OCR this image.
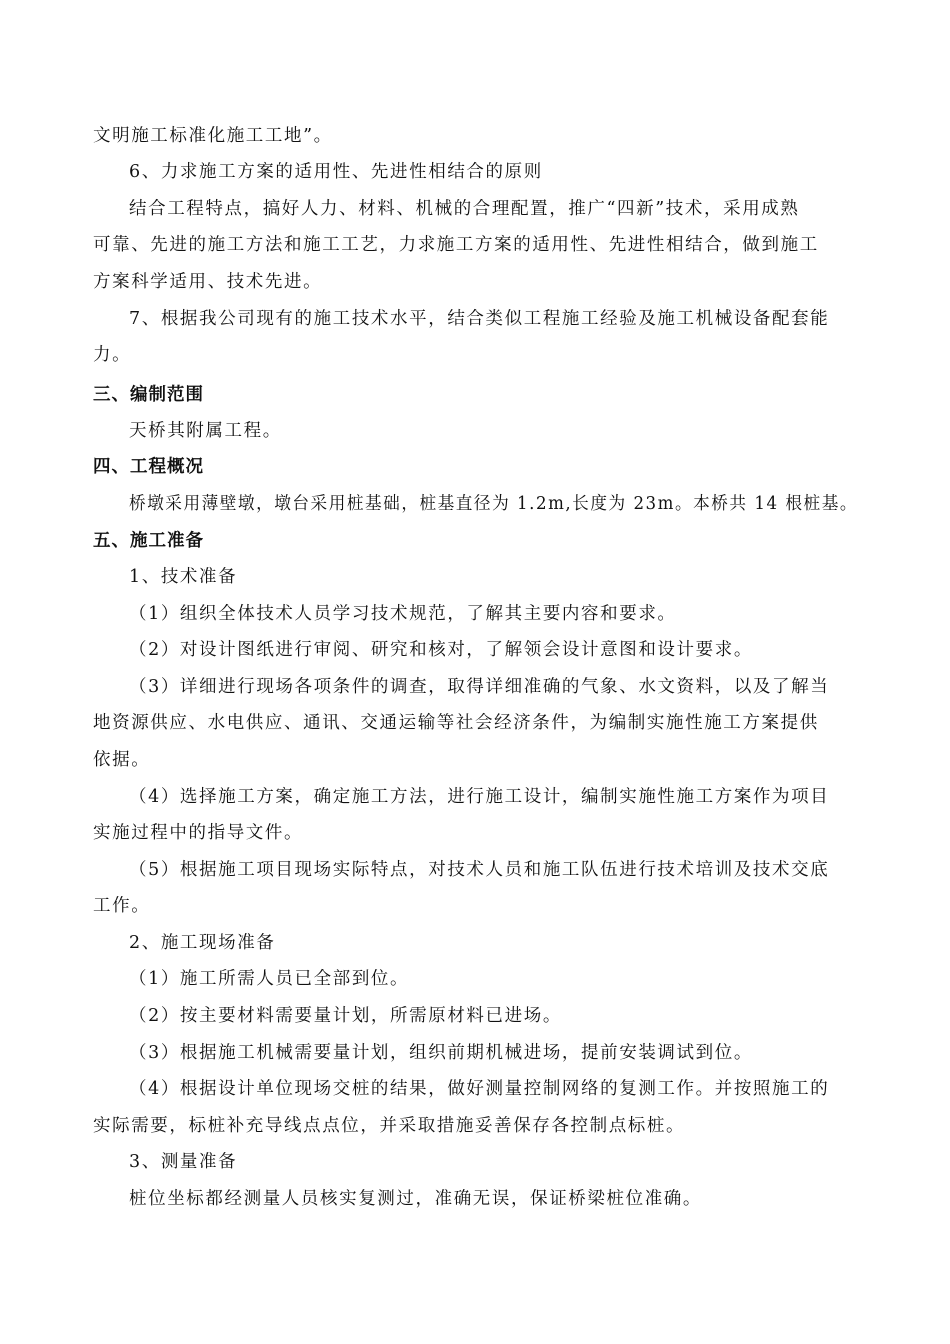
文明施工标准化施工工地”。
6、力求施工方案的适用性、先进性相结合的原则
结合工程特点，搞好人力、材料、机械的合理配置，推广“四新”技术，采用成熟
可靠、先进的施工方法和施工工艺，力求施工方案的适用性、先进性相结合，做到施工
方案科学适用、技术先进。
7、根据我公司现有的施工技术水平，结合类似工程施工经验及施工机械设备配套能
力。
三、编制范围
天桥其附属工程。
四、工程概况
桥墩采用薄壁墩，墩台采用桩基础，桩基直径为 1.2m,长度为 23m。本桥共 14 根桩基。
五、施工准备
1、技术准备
（1）组织全体技术人员学习技术规范，了解其主要内容和要求。
（2）对设计图纸进行审阅、研究和核对，了解领会设计意图和设计要求。
（3）详细进行现场各项条件的调查，取得详细准确的气象、水文资料，以及了解当
地资源供应、水电供应、通讯、交通运输等社会经济条件，为编制实施性施工方案提供
依据。
（4）选择施工方案，确定施工方法，进行施工设计，编制实施性施工方案作为项目
实施过程中的指导文件。
（5）根据施工项目现场实际特点，对技术人员和施工队伍进行技术培训及技术交底
工作。
2、施工现场准备
（1）施工所需人员已全部到位。
（2）按主要材料需要量计划，所需原材料已进场。
（3）根据施工机械需要量计划，组织前期机械进场，提前安装调试到位。
（4）根据设计单位现场交桩的结果，做好测量控制网络的复测工作。并按照施工的
实际需要，标桩补充导线点点位，并采取措施妥善保存各控制点标桩。
3、测量准备
桩位坐标都经测量人员核实复测过，准确无误，保证桥梁桩位准确。
